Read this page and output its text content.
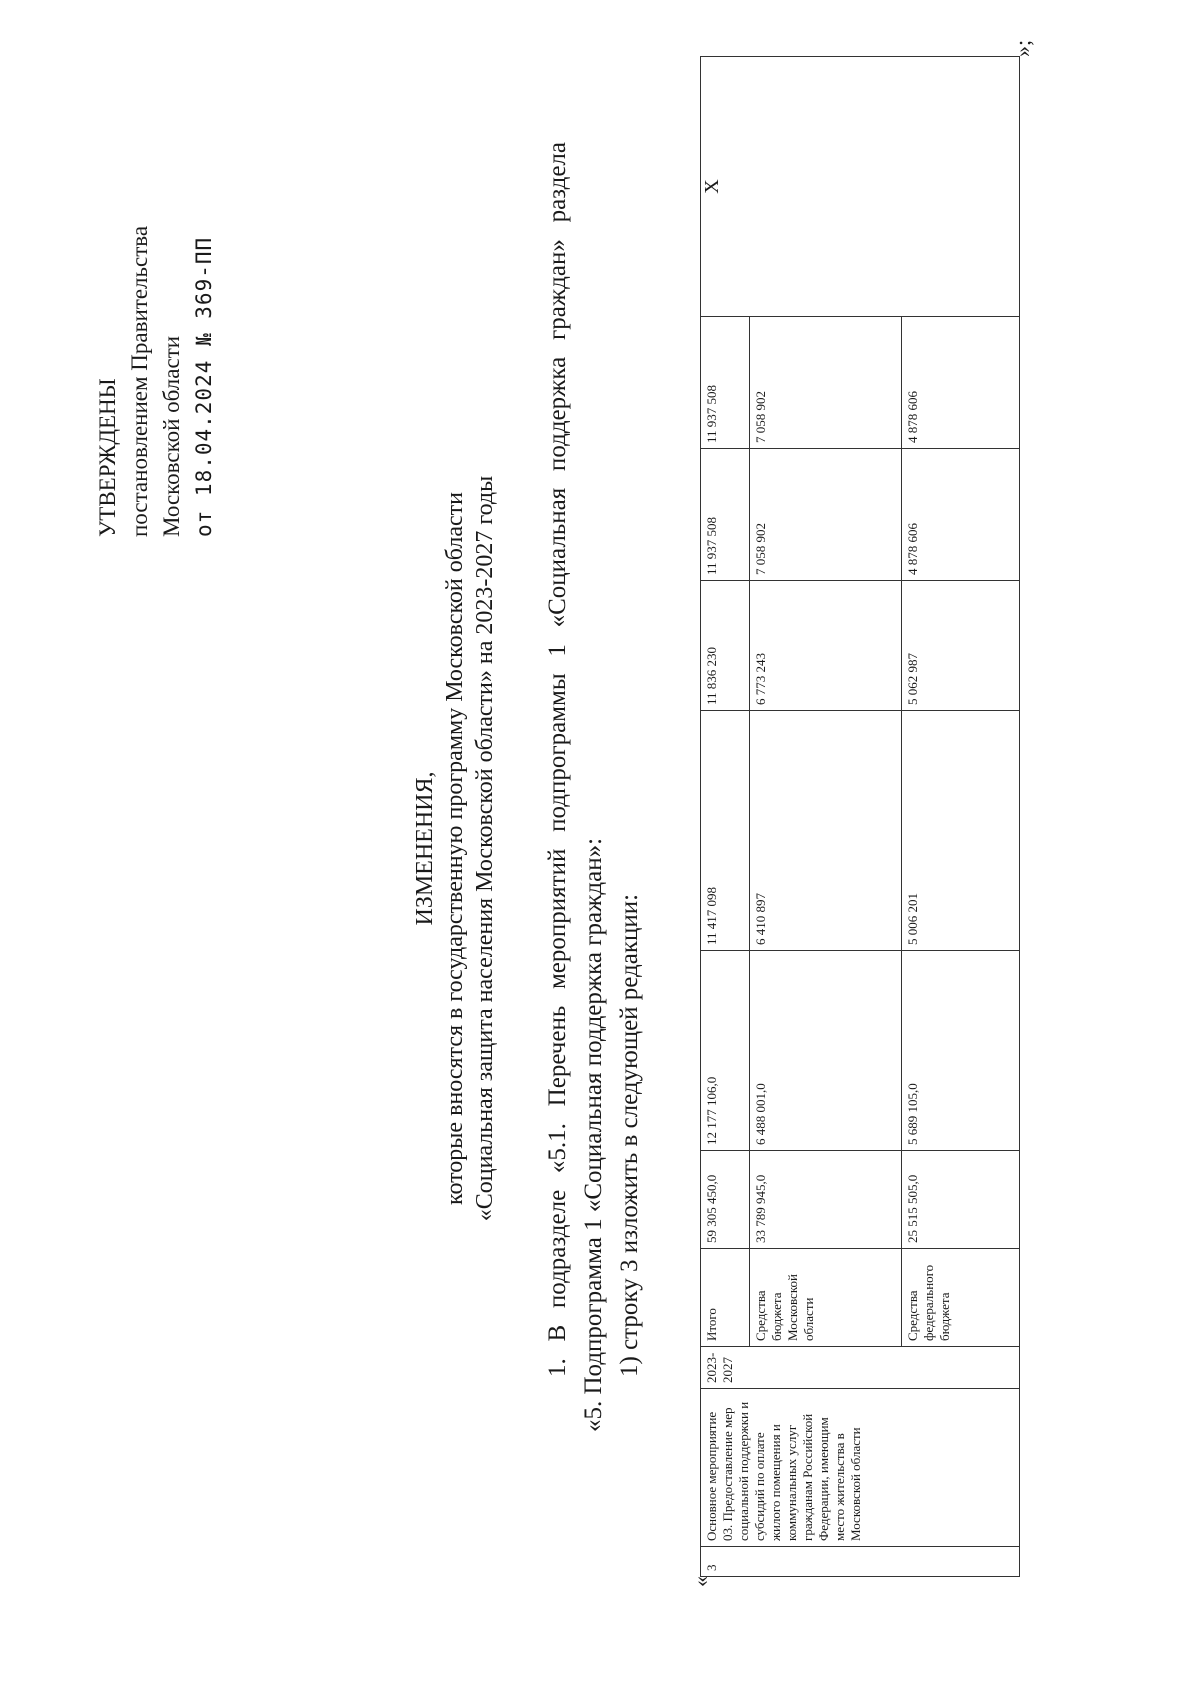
УТВЕРЖДЕНЫ постановлением Правительства Московской области от 18.04.2024 № 369-ПП
ИЗМЕНЕНИЯ, которые вносятся в государственную программу Московской области «Социальная защита населения Московской области» на 2023-2027 годы
1.
В
подразделе
«5.1.
Перечень
мероприятий
подпрограммы
1
«Социальная
поддержка
граждан»
раздела
«5. Подпрограмма 1 «Социальная поддержка граждан»: 1) строку 3 изложить в следующей редакции:
«
3	Основное мероприятие 03. Предоставление мер социальной поддержки и субсидий по оплате жилого помещения и коммунальных услуг гражданам Российской Федерации, имеющим место жительства в Московской области	2023-2027	Итого	59 305 450,0	12 177 106,0	11 417 098	11 836 230	11 937 508	11 937 508	X
			Средства бюджета Московской области	33 789 945,0	6 488 001,0	6 410 897	6 773 243	7 058 902	7 058 902	
			Средства федерального бюджета	25 515 505,0	5 689 105,0	5 006 201	5 062 987	4 878 606	4 878 606	
»;
